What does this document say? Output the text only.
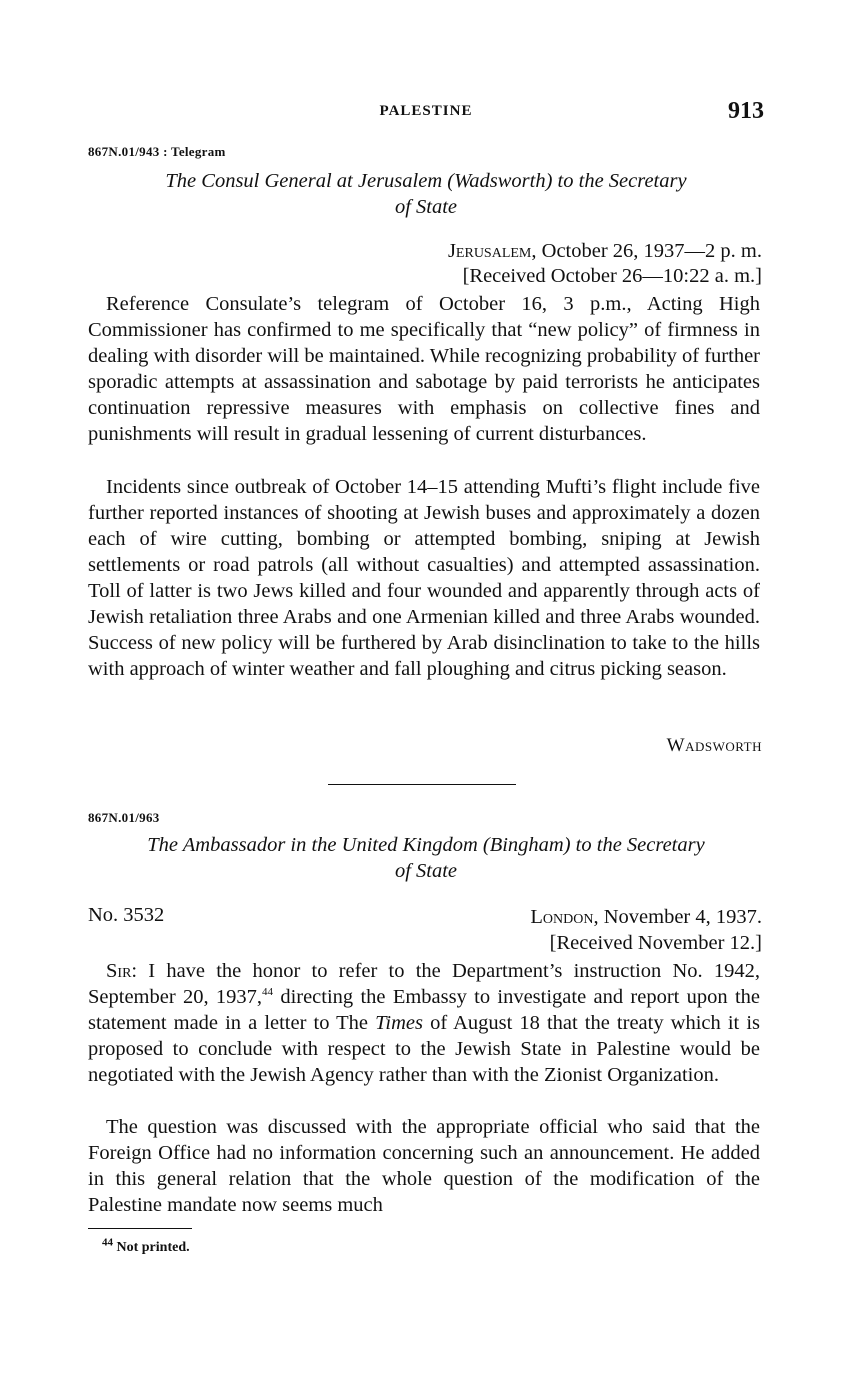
PALESTINE	913
867N.01/943 : Telegram
The Consul General at Jerusalem (Wadsworth) to the Secretary
of State
Jerusalem, October 26, 1937—2 p. m.
[Received October 26—10:22 a. m.]

Reference Consulate’s telegram of October 16, 3 p.m., Acting High Commissioner has confirmed to me specifically that “new policy” of firmness in dealing with disorder will be maintained. While recognizing probability of further sporadic attempts at assassination and sabotage by paid terrorists he anticipates continuation repressive measures with emphasis on collective fines and punishments will result in gradual lessening of current disturbances.

Incidents since outbreak of October 14–15 attending Mufti’s flight include five further reported instances of shooting at Jewish buses and approximately a dozen each of wire cutting, bombing or attempted bombing, sniping at Jewish settlements or road patrols (all without casualties) and attempted assassination. Toll of latter is two Jews killed and four wounded and apparently through acts of Jewish retaliation three Arabs and one Armenian killed and three Arabs wounded. Success of new policy will be furthered by Arab disinclination to take to the hills with approach of winter weather and fall ploughing and citrus picking season.

Wadsworth
867N.01/963
The Ambassador in the United Kingdom (Bingham) to the Secretary
of State
No. 3532	London, November 4, 1937.
[Received November 12.]

Sir: I have the honor to refer to the Department’s instruction No. 1942, September 20, 1937,44 directing the Embassy to investigate and report upon the statement made in a letter to The Times of August 18 that the treaty which it is proposed to conclude with respect to the Jewish State in Palestine would be negotiated with the Jewish Agency rather than with the Zionist Organization.

The question was discussed with the appropriate official who said that the Foreign Office had no information concerning such an announcement. He added in this general relation that the whole question of the modification of the Palestine mandate now seems much

$^{44}$ Not printed.
